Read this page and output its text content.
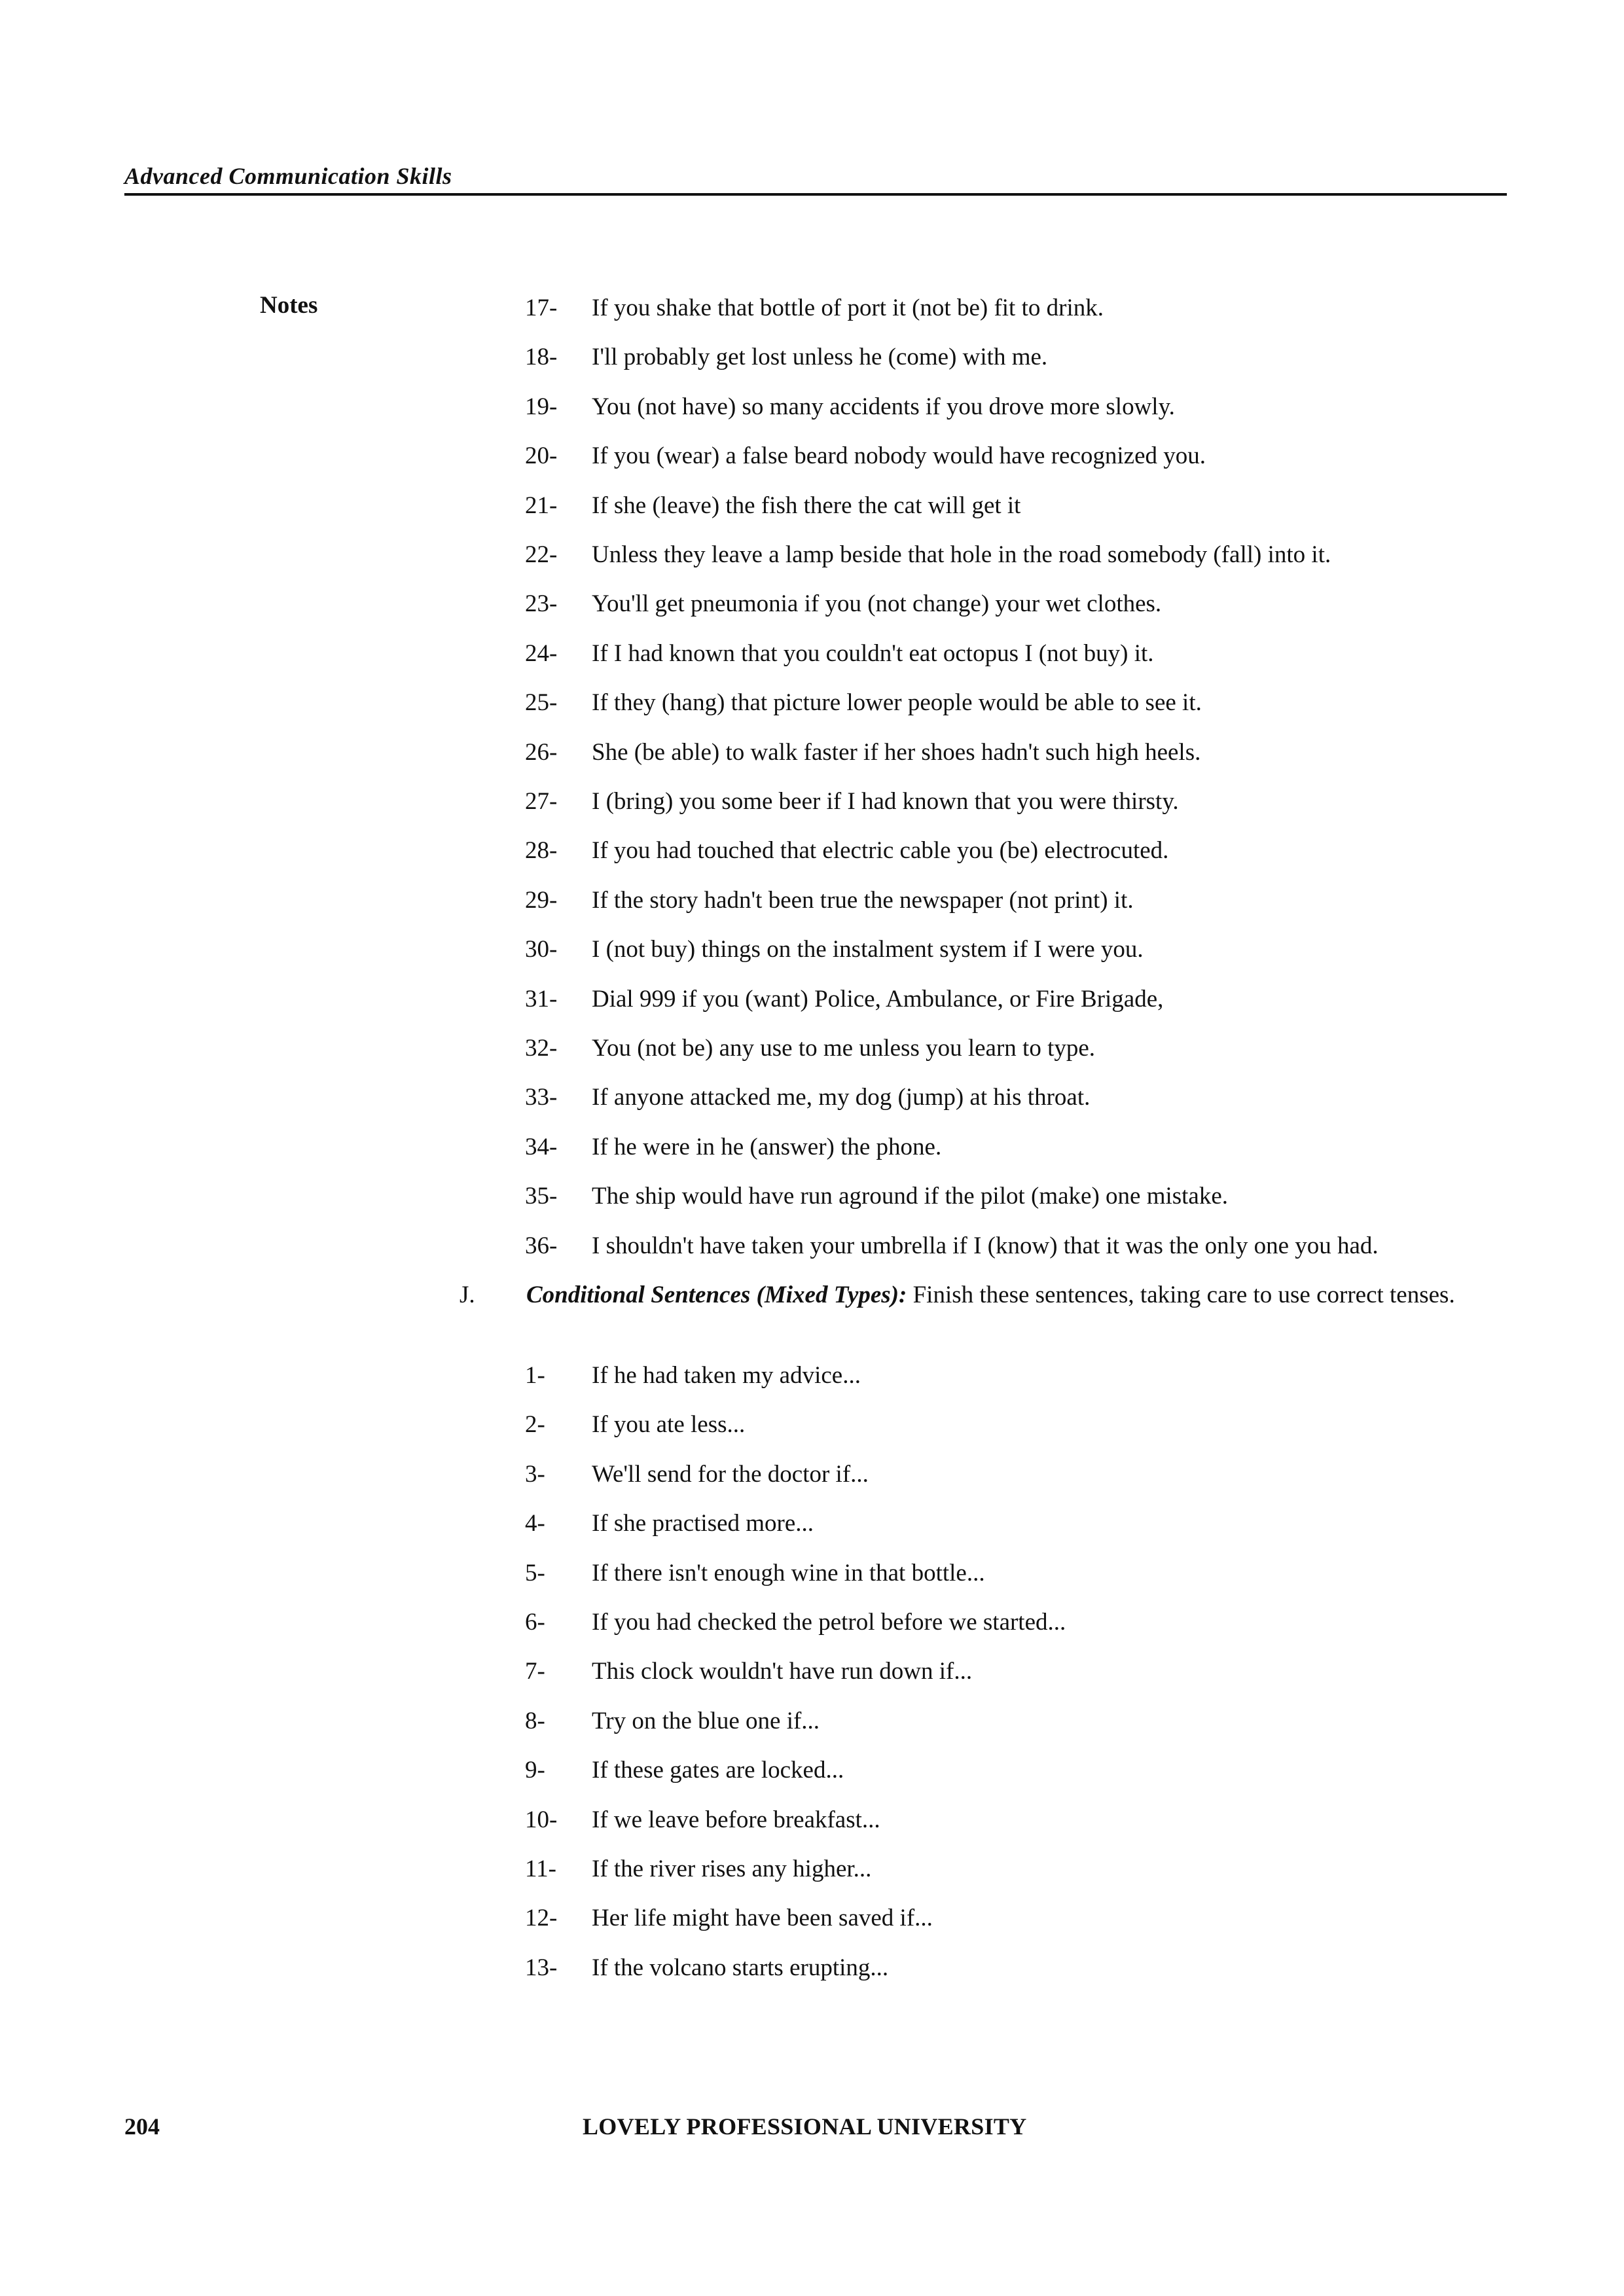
Advanced Communication Skills
Notes	17- If you shake that bottle of port it (not be) fit to drink.
18- I'll probably get lost unless he (come) with me.
19- You (not have) so many accidents if you drove more slowly.
20- If you (wear) a false beard nobody would have recognized you.
21- If she (leave) the fish there the cat will get it
22- Unless they leave a lamp beside that hole in the road somebody (fall) into it.
23- You'll get pneumonia if you (not change) your wet clothes.
24- If I had known that you couldn't eat octopus I (not buy) it.
25- If they (hang) that picture lower people would be able to see it.
26- She (be able) to walk faster if her shoes hadn't such high heels.
27- I (bring) you some beer if I had known that you were thirsty.
28- If you had touched that electric cable you (be) electrocuted.
29- If the story hadn't been true the newspaper (not print) it.
30- I (not buy) things on the instalment system if I were you.
31- Dial 999 if you (want) Police, Ambulance, or Fire Brigade,
32- You (not be) any use to me unless you learn to type.
33- If anyone attacked me, my dog (jump) at his throat.
34- If he were in he (answer) the phone.
35- The ship would have run aground if the pilot (make) one mistake.
36- I shouldn't have taken your umbrella if I (know) that it was the only one you had.
J. Conditional Sentences (Mixed Types): Finish these sentences, taking care to use correct tenses.
1- If he had taken my advice...
2- If you ate less...
3- We'll send for the doctor if...
4- If she practised more...
5- If there isn't enough wine in that bottle...
6- If you had checked the petrol before we started...
7- This clock wouldn't have run down if...
8- Try on the blue one if...
9- If these gates are locked...
10- If we leave before breakfast...
11- If the river rises any higher...
12- Her life might have been saved if...
13- If the volcano starts erupting...
204	LOVELY PROFESSIONAL UNIVERSITY
